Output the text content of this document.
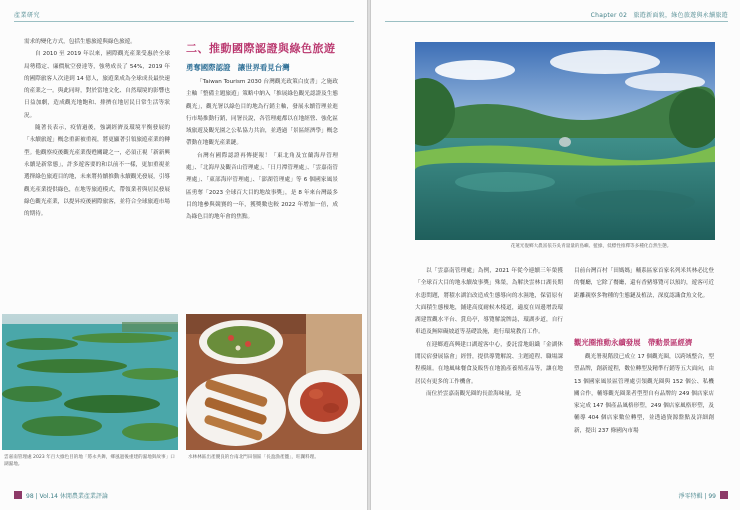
產業研究

需求的變化方式，包括生態旅遊與綠色旅遊。

自 2010 至 2019 年以來，國際觀光產業受惠於全球局勢穩定、廉價航空發達等，強勢成長了 54%，2019 年的國際旅客人次達到 14 億人，旅遊業成為全球成長最快速的產業之一。與此同時，對於當地文化、自然環境的影響也日益加劇，造成觀光地飽和、排擠在地居民日常生活等狀況。

隨著長表示，疫情過後，強調經濟及環境平衡發展的「永續旅遊」概念重新被重視，將更顯著引領旅遊產業的轉型。他觀察疫後觀光產業復甦關鍵之一，必須正視「新新興永續是新常態」，許多遊客要的和以前不一樣，更加重視並選擇綠色旅遊目的地，未來將持續推動永續觀光發展，引導觀光產業提供綠色，在地等旅遊模式，帶領業者與居民發展綠色觀光產業，以提昇疫後國際旅客，並符合全球旅遊市場的期待。

二、推動國際認證與綠色旅遊
勇奪國際認證　讓世界看見台灣

「Taiwan Tourism 2030 台灣觀光政策白皮書」之施政主軸「整備主題旅遊」策略中納入「推展綠色觀光認證及生態觀光」，觀光署以綠色目的地為行銷主軸，發展永續管理並進行市場推動行銷，同署長說，各管理處都以在地經營、強化區域旅遊及觀光園之公私協力共治，並透過「景區經濟學」概念帶動在地觀光產業鏈。

台灣有國際認證再傳捷報！「東北角及宜蘭海岸管理處」、「北海岸及觀音山管理處」、「日月潭管理處」、「雲嘉南管理處」、「東部海岸管理處」、「澎湖管理處」等 6 個國家風景區勇奪「2023 全球百大目的地故事獎」，是 8 年來台灣最多目的地參與競賽的一年，獲獎數也較 2022 年增加一倍，成為綠色目的地年會的焦點。

雲嘉南管理處 2023 年百大綠色目的地「將永共舞，鄉風過後重建的濕地與故事」口湖濕地。
水林林區出產優良的台南北門田佃區「長盈漁產鹽」，旺瀾料理。
98 | Vol.14 休閒農業產業評論
Chapter 02　旅遊新面貌，綠色旅遊與永續旅遊
花蓮光復鄉大農富依芬吳青量量的島嶼、藍綠，低標性推釋等多種化自然生態。

以「雲嘉南管理處」為例，2021 年從今連續三年榮獲「全球百大目的地永續故事獎」殊榮，為解決雲林口湖長期水患問題，將積水湖泊改造成生態導向的水濕地，保留原有大面積生態棲地，鋪建高度耐候木棧道，適度在周邊增設環湖建置觀水平台、賞鳥亭，導覽解說牌誌，環湖步道，自行車道及無障礙坡道等基礎設施，進行環境教育工作。

在迎鄉遊高興建口湖遊客中心，委託當地組織「金湖休閒民宿發展協會」經營，提供導覽解說、主題遊程、職場課程模組。在地風味餐食及販售在地漁產養殖產品等，讓在地居民有更多的工作機會。

而位於雲嘉南觀光圈的長盈海味量，是

目前台灣百村「田媽媽」輔系區家首家名列米其林必比登的餐廳，它除了餐廳，還有香豬導覽可以預約，遊客可近距離親察多物種的生態鏈及植法，深度認識食魚文化。

觀光圈推動永續發展　帶動景區經濟

觀光署現階段已成立 17 個觀光圈，以跨域整合，型塑品牌，創新遊程，數位轉型及精準行銷等五大面向，由 13 個國家風景區管理處引領觀光圈與 152 個公、私機關合作，輔導觀光圈業者型塑自有品牌約 249 個店家店家完成 147 個產品風格形塑，249 個店家風格形塑，及輔導 404 個店家數位轉型，並透過資源盤點及詳細創新，提出 237 條國內市場

淨零特輯 | 99
